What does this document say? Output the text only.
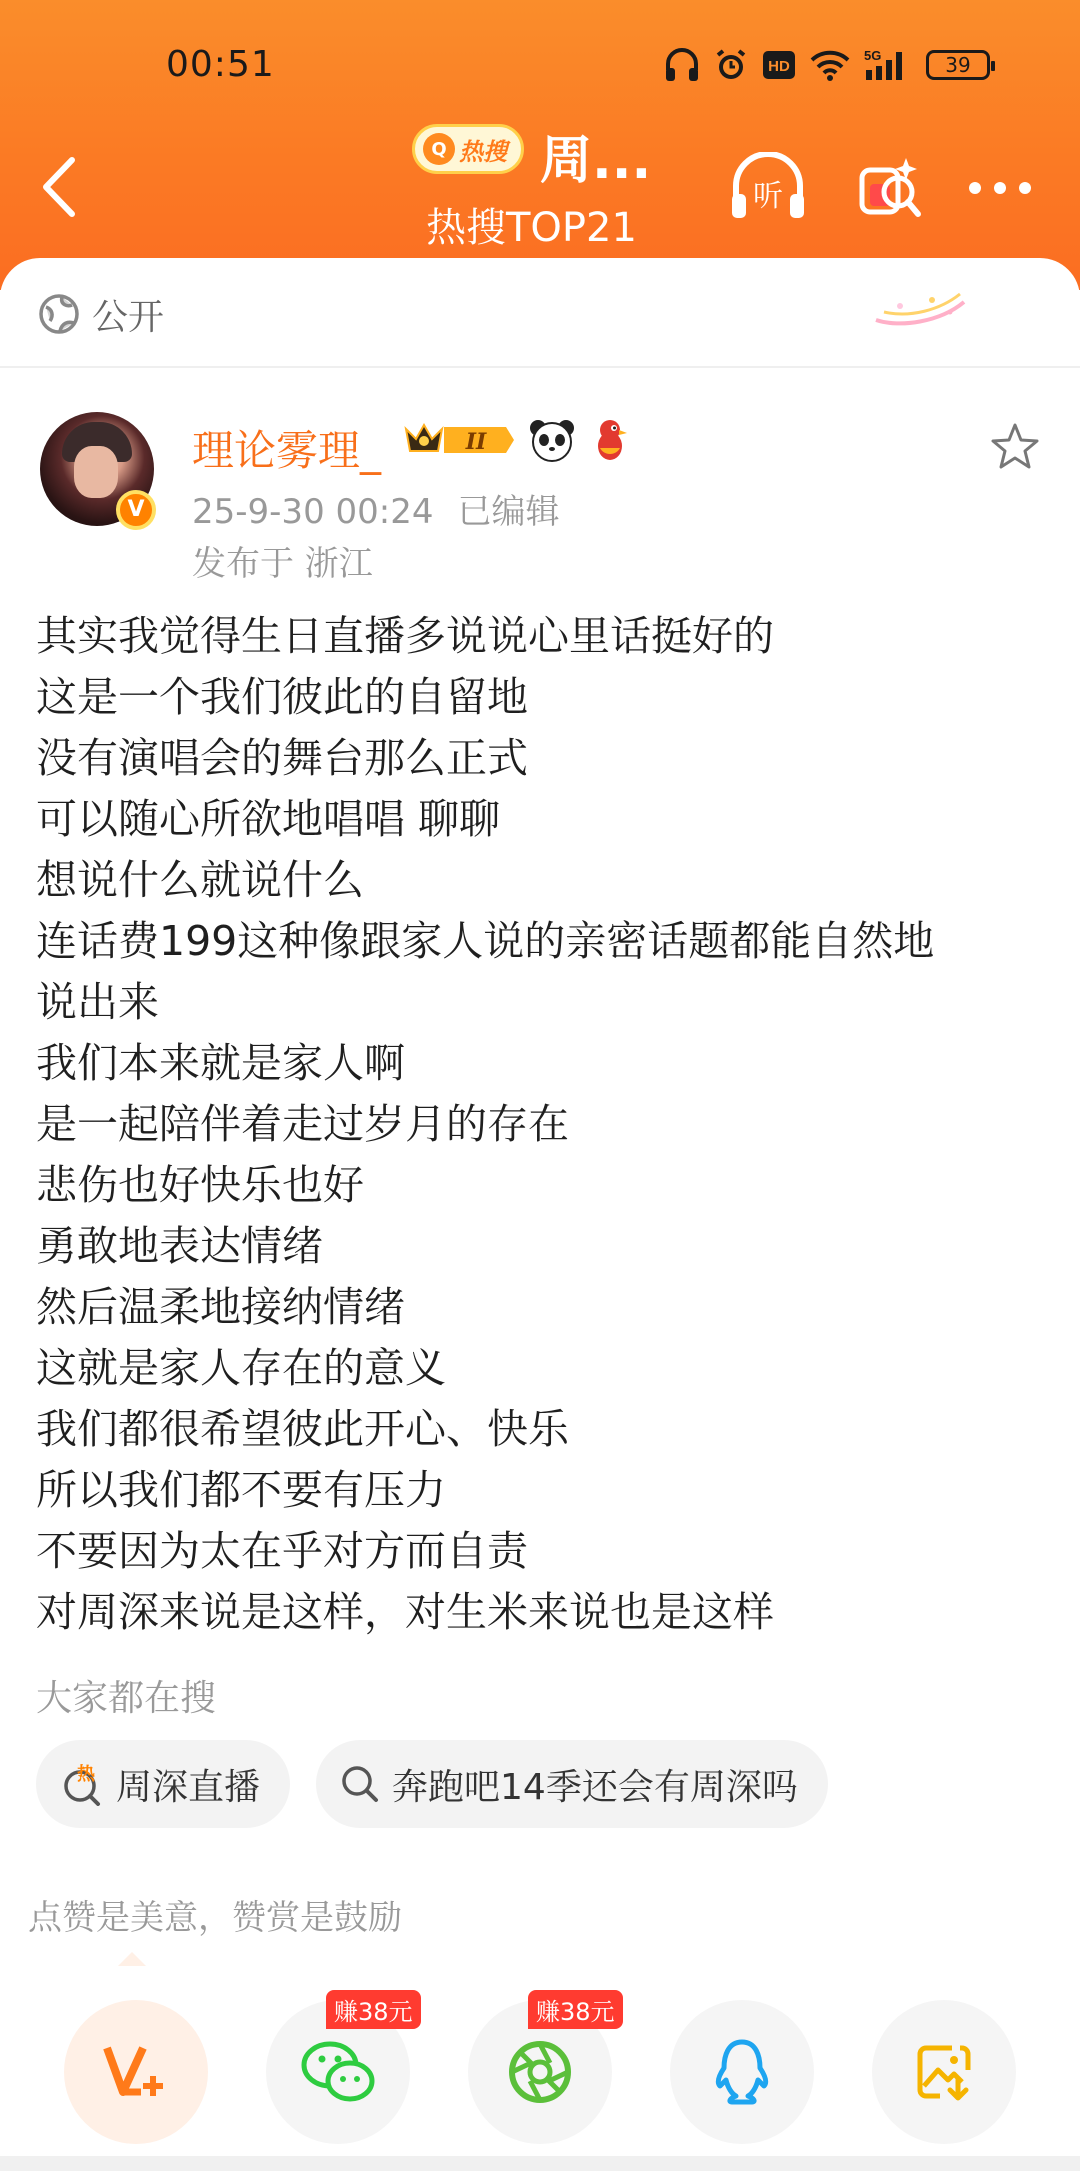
00:51	HD
5G	39
Q 热搜 周...
热搜TOP21
听
公开
V
理论雾理_	II
25-9-30 00:24 已编辑
发布于 浙江

其实我觉得生日直播多说说心里话挺好的

这是一个我们彼此的自留地

没有演唱会的舞台那么正式

可以随心所欲地唱唱 聊聊

想说什么就说什么

连话费199这种像跟家人说的亲密话题都能自然地

说出来

我们本来就是家人啊

是一起陪伴着走过岁月的存在

悲伤也好快乐也好

勇敢地表达情绪

然后温柔地接纳情绪

这就是家人存在的意义

我们都很希望彼此开心、快乐

所以我们都不要有压力

不要因为太在乎对方而自责

对周深来说是这样，对生米来说也是这样

大家都在搜
热 周深直播	奔跑吧14季还会有周深吗
点赞是美意，赞赏是鼓励
赚38元	赚38元
